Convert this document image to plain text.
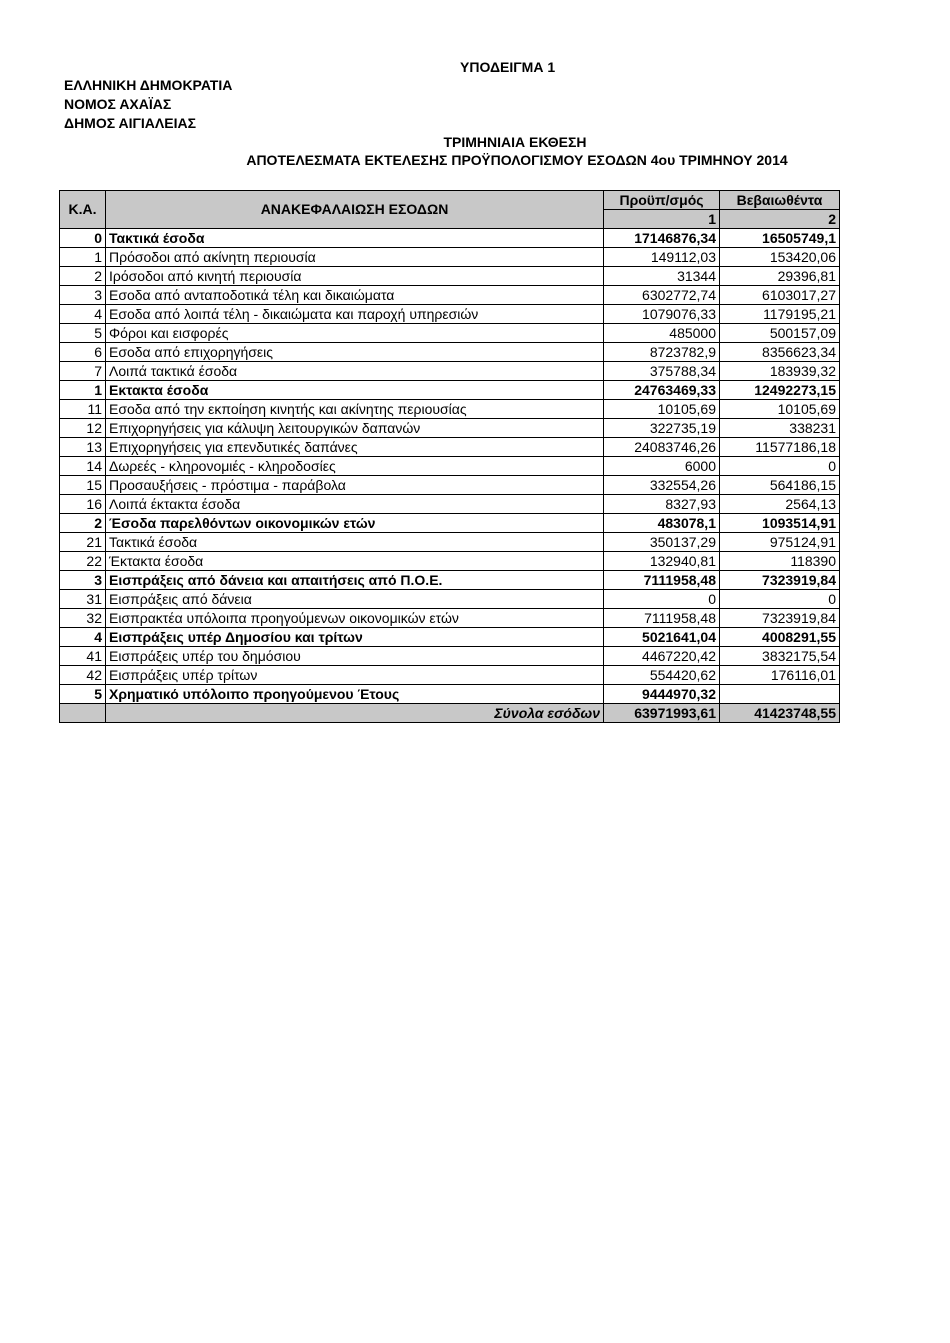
ΥΠΟΔΕΙΓΜΑ 1
ΕΛΛΗΝΙΚΗ ΔΗΜΟΚΡΑΤΙΑ
ΝΟΜΟΣ ΑΧΑΪΑΣ
ΔΗΜΟΣ ΑΙΓΙΑΛΕΙΑΣ
ΤΡΙΜΗΝΙΑΙΑ ΕΚΘΕΣΗ
ΑΠΟΤΕΛΕΣΜΑΤΑ ΕΚΤΕΛΕΣΗΣ ΠΡΟΫΠΟΛΟΓΙΣΜΟΥ ΕΣΟΔΩΝ 4ου ΤΡΙΜΗΝΟΥ 2014
Κ.Α.	ΑΝΑΚΕΦΑΛΑΙΩΣΗ ΕΣΟΔΩΝ	Προϋπ/σμός	Βεβαιωθέντα
		1	2
0	Τακτικά έσοδα	17146876,34	16505749,1
1	Πρόσοδοι από ακίνητη περιουσία	149112,03	153420,06
2	Ιρόσοδοι από κινητή περιουσία	31344	29396,81
3	Εσοδα από ανταποδοτικά τέλη και δικαιώματα	6302772,74	6103017,27
4	Εσοδα από λοιπά τέλη - δικαιώματα και παροχή υπηρεσιών	1079076,33	1179195,21
5	Φόροι και εισφορές	485000	500157,09
6	Εσοδα από επιχορηγήσεις	8723782,9	8356623,34
7	Λοιπά τακτικά έσοδα	375788,34	183939,32
1	Εκτακτα έσοδα	24763469,33	12492273,15
11	Εσοδα από την εκποίηση κινητής και ακίνητης περιουσίας	10105,69	10105,69
12	Επιχορηγήσεις για κάλυψη λειτουργικών δαπανών	322735,19	338231
13	Επιχορηγήσεις για επενδυτικές δαπάνες	24083746,26	11577186,18
14	Δωρεές - κληρονομιές - κληροδοσίες	6000	0
15	Προσαυξήσεις - πρόστιμα - παράβολα	332554,26	564186,15
16	Λοιπά έκτακτα έσοδα	8327,93	2564,13
2	Έσοδα παρελθόντων οικονομικών ετών	483078,1	1093514,91
21	Τακτικά έσοδα	350137,29	975124,91
22	Έκτακτα έσοδα	132940,81	118390
3	Εισπράξεις από δάνεια και απαιτήσεις από Π.Ο.Ε.	7111958,48	7323919,84
31	Εισπράξεις από δάνεια	0	0
32	Εισπρακτέα υπόλοιπα προηγούμενων οικονομικών ετών	7111958,48	7323919,84
4	Εισπράξεις υπέρ Δημοσίου και τρίτων	5021641,04	4008291,55
41	Εισπράξεις υπέρ του δημόσιου	4467220,42	3832175,54
42	Εισπράξεις υπέρ τρίτων	554420,62	176116,01
5	Χρηματικό υπόλοιπο προηγούμενου Έτους	9444970,32	
	Σύνολα εσόδων	63971993,61	41423748,55
